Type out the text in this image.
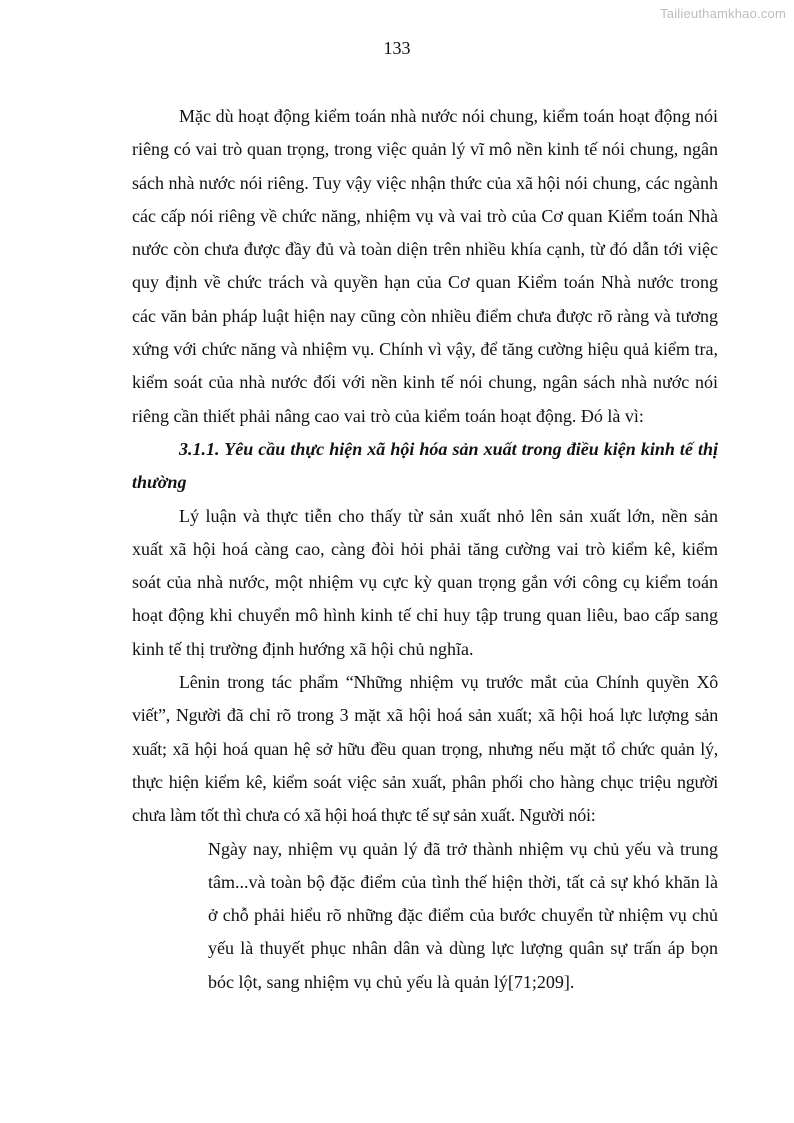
Tailieuthamkhao.com
133

Mặc dù hoạt động kiểm toán nhà nước nói chung, kiểm toán hoạt động nói riêng có vai trò quan trọng, trong việc quản lý vĩ mô nền kinh tế nói chung, ngân sách nhà nước nói riêng. Tuy vậy việc nhận thức của xã hội nói chung, các ngành các cấp nói riêng về chức năng, nhiệm vụ và vai trò của Cơ quan Kiểm toán Nhà nước còn chưa được đầy đủ và toàn diện trên nhiều khía cạnh, từ đó dẫn tới việc quy định về chức trách và quyền hạn của Cơ quan Kiểm toán Nhà nước trong các văn bản pháp luật hiện nay cũng còn nhiều điểm chưa được rõ ràng và tương xứng với chức năng và nhiệm vụ. Chính vì vậy, để tăng cường hiệu quả kiểm tra, kiểm soát của nhà nước đối với nền kinh tế nói chung, ngân sách nhà nước nói riêng cần thiết phải nâng cao vai trò của kiểm toán hoạt động. Đó là vì:

3.1.1. Yêu cầu thực hiện xã hội hóa sản xuất trong điều kiện kinh tế thị thường

Lý luận và thực tiễn cho thấy từ sản xuất nhỏ lên sản xuất lớn, nền sản xuất xã hội hoá càng cao, càng đòi hỏi phải tăng cường vai trò kiểm kê, kiểm soát của nhà nước, một nhiệm vụ cực kỳ quan trọng gắn với công cụ kiểm toán hoạt động khi chuyển mô hình kinh tế chỉ huy tập trung quan liêu, bao cấp sang kinh tế thị trường định hướng xã hội chủ nghĩa.

Lênin trong tác phẩm “Những nhiệm vụ trước mắt của Chính quyền Xô viết”, Người đã chỉ rõ trong 3 mặt xã hội hoá sản xuất; xã hội hoá lực lượng sản xuất; xã hội hoá quan hệ sở hữu đều quan trọng, nhưng nếu mặt tổ chức quản lý, thực hiện kiểm kê, kiểm soát việc sản xuất, phân phối cho hàng chục triệu người chưa làm tốt thì chưa có xã hội hoá thực tế sự sản xuất. Người nói:

Ngày nay, nhiệm vụ quản lý đã trở thành nhiệm vụ chủ yếu và trung tâm...và toàn bộ đặc điểm của tình thế hiện thời, tất cả sự khó khăn là ở chỗ phải hiểu rõ những đặc điểm của bước chuyển từ nhiệm vụ chủ yếu là thuyết phục nhân dân và dùng lực lượng quân sự trấn áp bọn bóc lột, sang nhiệm vụ chủ yếu là quản lý[71;209].
